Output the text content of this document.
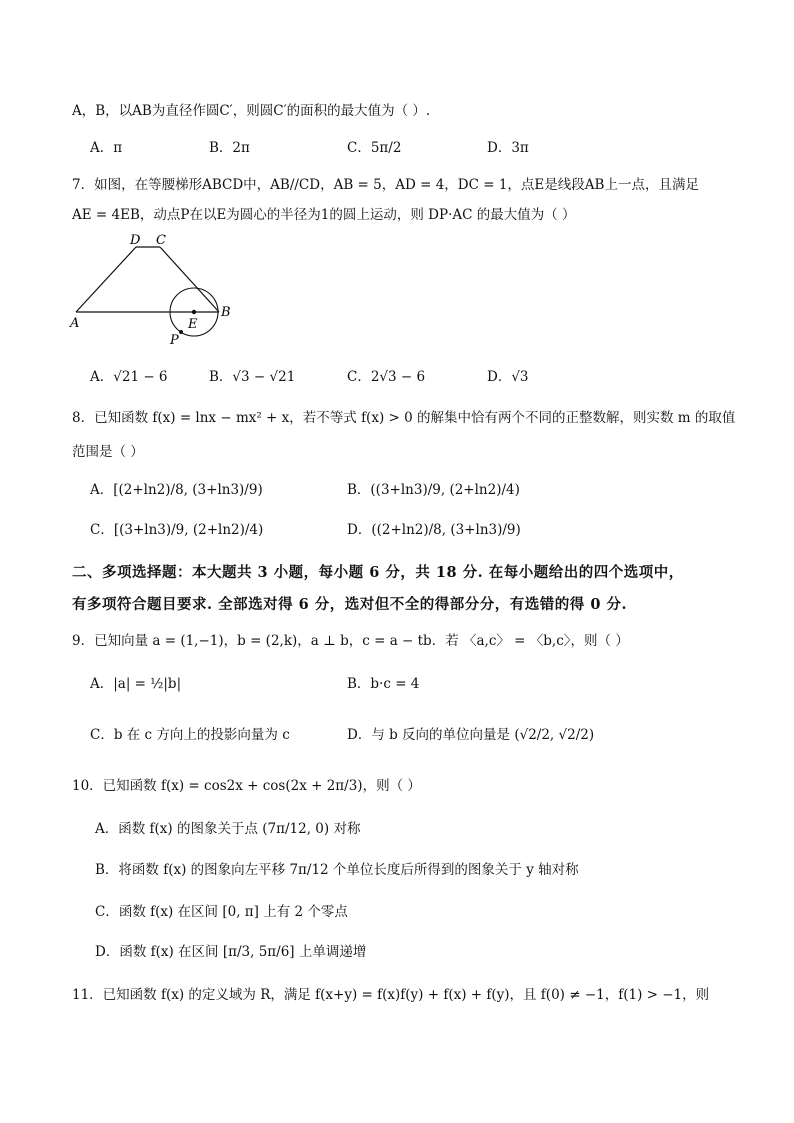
A，B，以AB为直径作圆C′，则圆C′的面积的最大值为（ ）.
A．π	B．2π	C．5π/2	D．3π
7．如图，在等腰梯形ABCD中，AB//CD，AB = 5，AD = 4，DC = 1，点E是线段AB上一点，且满足
AE = 4EB，动点P在以E为圆心的半径为1的圆上运动，则 DP·AC 的最大值为（ ）
D C
A
B
E
P
A．√21 − 6	B．√3 − √21	C．2√3 − 6	D．√3
8．已知函数 f(x) = lnx − mx² + x，若不等式 f(x) > 0 的解集中恰有两个不同的正整数解，则实数 m 的取值
范围是（ ）
A．[(2+ln2)/8, (3+ln3)/9)	B．((3+ln3)/9, (2+ln2)/4)
C．[(3+ln3)/9, (2+ln2)/4)	D．((2+ln2)/8, (3+ln3)/9)
二、多项选择题：本大题共 3 小题，每小题 6 分，共 18 分. 在每小题给出的四个选项中，
有多项符合题目要求. 全部选对得 6 分，选对但不全的得部分分，有选错的得 0 分.
9．已知向量 a = (1,−1)，b = (2,k)，a ⊥ b，c = a − tb．若 〈a,c〉 = 〈b,c〉，则（ ）
A．|a| = ½|b|	B．b·c = 4
C．b 在 c 方向上的投影向量为 c	D．与 b 反向的单位向量是 (√2/2, √2/2)
10．已知函数 f(x) = cos2x + cos(2x + 2π/3)，则（ ）
A．函数 f(x) 的图象关于点 (7π/12, 0) 对称
B．将函数 f(x) 的图象向左平移 7π/12 个单位长度后所得到的图象关于 y 轴对称
C．函数 f(x) 在区间 [0, π] 上有 2 个零点
D．函数 f(x) 在区间 [π/3, 5π/6] 上单调递增
11．已知函数 f(x) 的定义域为 R，满足 f(x+y) = f(x)f(y) + f(x) + f(y)，且 f(0) ≠ −1，f(1) > −1，则
